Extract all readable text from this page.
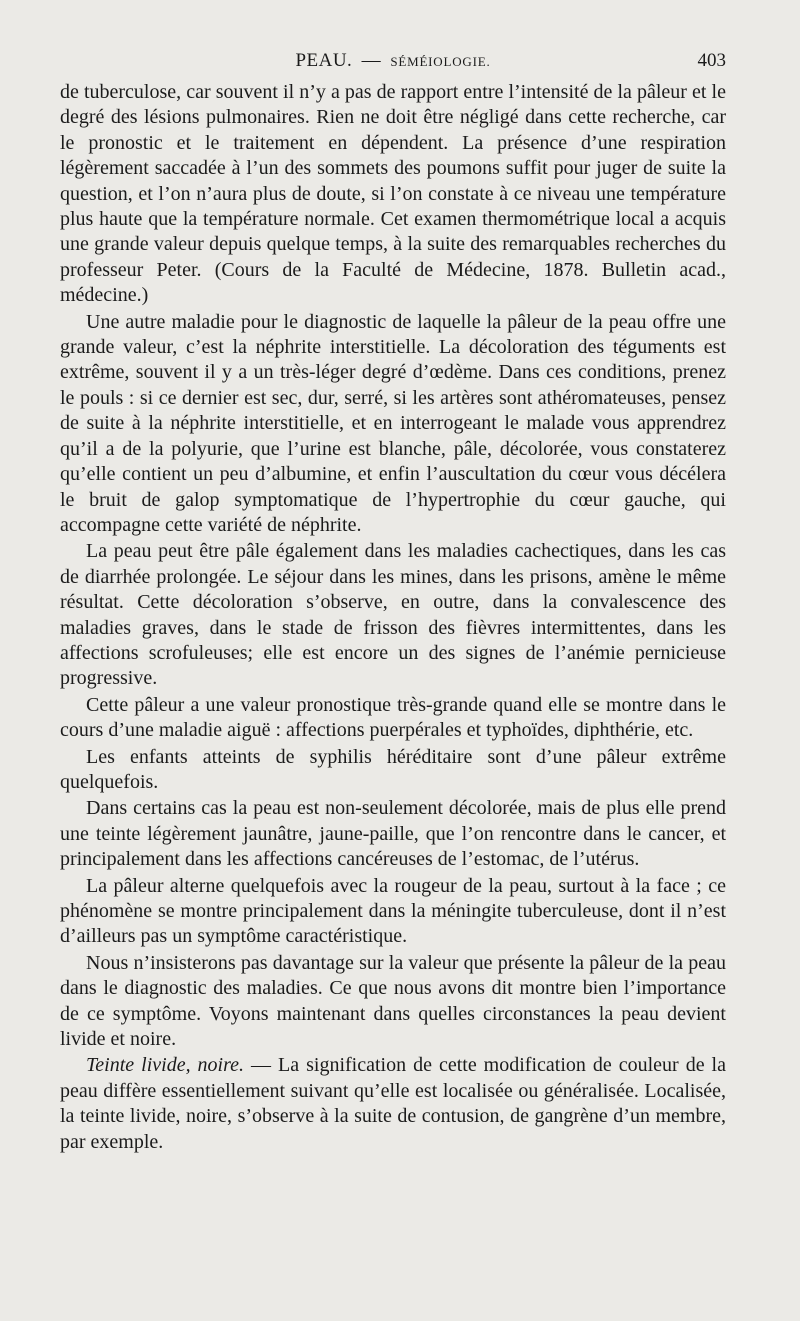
PEAU. — SÉMÉIOLOGIE.	403

de tuberculose, car souvent il n’y a pas de rapport entre l’intensité de la pâleur et le degré des lésions pulmonaires. Rien ne doit être négligé dans cette recherche, car le pronostic et le traitement en dépendent. La présence d’une respiration légèrement saccadée à l’un des sommets des poumons suffit pour juger de suite la question, et l’on n’aura plus de doute, si l’on constate à ce niveau une température plus haute que la température normale. Cet examen thermométrique local a acquis une grande valeur depuis quelque temps, à la suite des remarquables recherches du professeur Peter. (Cours de la Faculté de Médecine, 1878. Bulletin acad., médecine.)

Une autre maladie pour le diagnostic de laquelle la pâleur de la peau offre une grande valeur, c’est la néphrite interstitielle. La décoloration des téguments est extrême, souvent il y a un très-léger degré d’œdème. Dans ces conditions, prenez le pouls : si ce dernier est sec, dur, serré, si les artères sont athéromateuses, pensez de suite à la néphrite interstitielle, et en interrogeant le malade vous apprendrez qu’il a de la polyurie, que l’urine est blanche, pâle, décolorée, vous constaterez qu’elle contient un peu d’albumine, et enfin l’auscultation du cœur vous décélera le bruit de galop symptomatique de l’hypertrophie du cœur gauche, qui accompagne cette variété de néphrite.

La peau peut être pâle également dans les maladies cachectiques, dans les cas de diarrhée prolongée. Le séjour dans les mines, dans les prisons, amène le même résultat. Cette décoloration s’observe, en outre, dans la convalescence des maladies graves, dans le stade de frisson des fièvres intermittentes, dans les affections scrofuleuses; elle est encore un des signes de l’anémie pernicieuse progressive.

Cette pâleur a une valeur pronostique très-grande quand elle se montre dans le cours d’une maladie aiguë : affections puerpérales et typhoïdes, diphthérie, etc.

Les enfants atteints de syphilis héréditaire sont d’une pâleur extrême quelquefois.

Dans certains cas la peau est non-seulement décolorée, mais de plus elle prend une teinte légèrement jaunâtre, jaune-paille, que l’on rencontre dans le cancer, et principalement dans les affections cancéreuses de l’estomac, de l’utérus.

La pâleur alterne quelquefois avec la rougeur de la peau, surtout à la face ; ce phénomène se montre principalement dans la méningite tuberculeuse, dont il n’est d’ailleurs pas un symptôme caractéristique.

Nous n’insisterons pas davantage sur la valeur que présente la pâleur de la peau dans le diagnostic des maladies. Ce que nous avons dit montre bien l’importance de ce symptôme. Voyons maintenant dans quelles circonstances la peau devient livide et noire.

Teinte livide, noire. — La signification de cette modification de couleur de la peau diffère essentiellement suivant qu’elle est localisée ou généralisée. Localisée, la teinte livide, noire, s’observe à la suite de contusion, de gangrène d’un membre, par exemple.
